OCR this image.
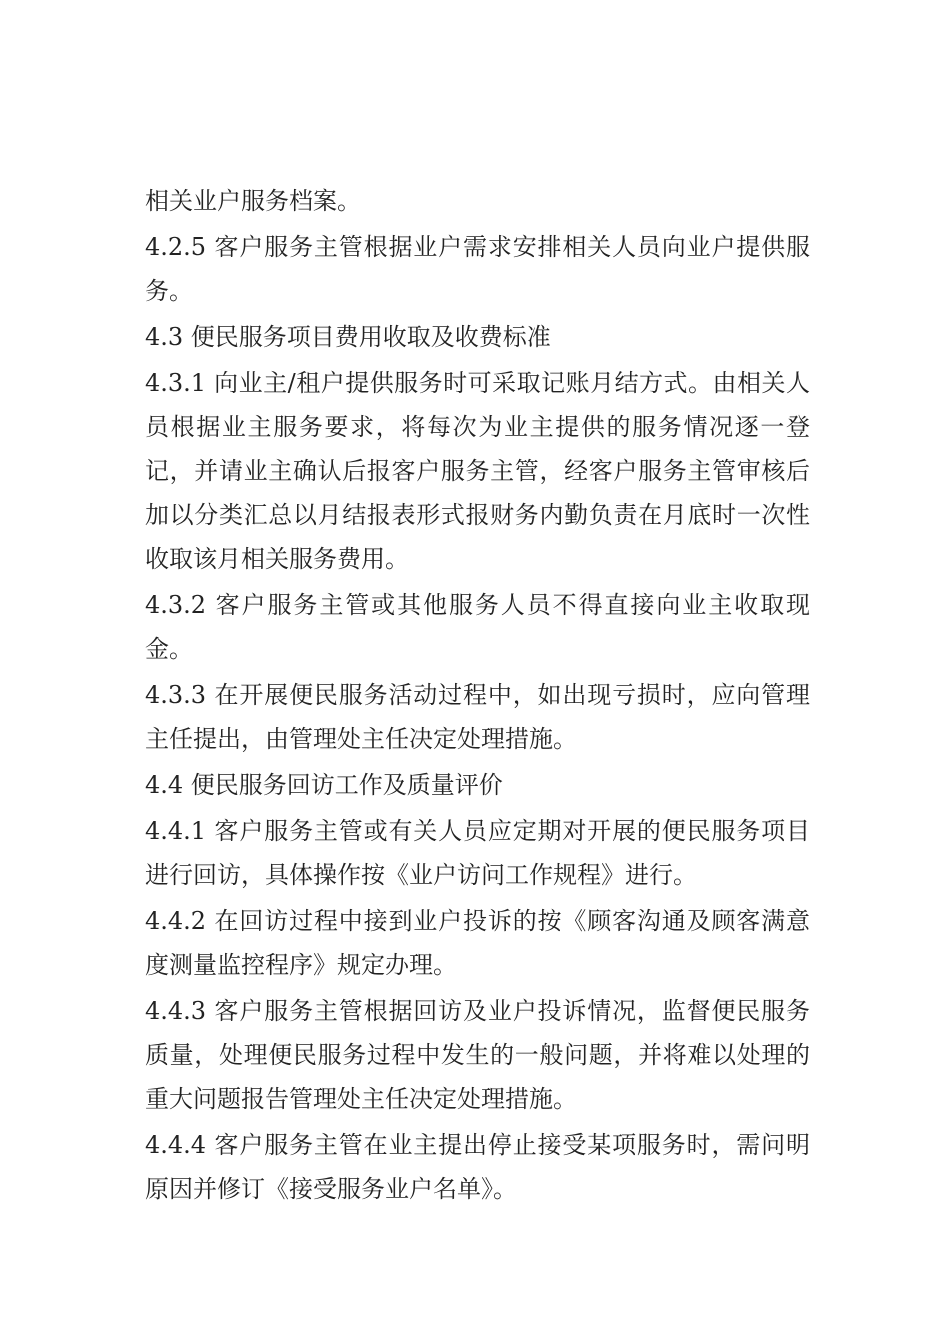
相关业户服务档案。

4.2.5 客户服务主管根据业户需求安排相关人员向业户提供服务。

4.3 便民服务项目费用收取及收费标准

4.3.1 向业主/租户提供服务时可采取记账月结方式。由相关人员根据业主服务要求，将每次为业主提供的服务情况逐一登记，并请业主确认后报客户服务主管，经客户服务主管审核后加以分类汇总以月结报表形式报财务内勤负责在月底时一次性收取该月相关服务费用。

4.3.2 客户服务主管或其他服务人员不得直接向业主收取现金。

4.3.3 在开展便民服务活动过程中，如出现亏损时，应向管理主任提出，由管理处主任决定处理措施。

4.4 便民服务回访工作及质量评价

4.4.1 客户服务主管或有关人员应定期对开展的便民服务项目进行回访，具体操作按《业户访问工作规程》进行。

4.4.2 在回访过程中接到业户投诉的按《顾客沟通及顾客满意度测量监控程序》规定办理。

4.4.3 客户服务主管根据回访及业户投诉情况，监督便民服务质量，处理便民服务过程中发生的一般问题，并将难以处理的重大问题报告管理处主任决定处理措施。

4.4.4 客户服务主管在业主提出停止接受某项服务时，需问明原因并修订《接受服务业户名单》。
